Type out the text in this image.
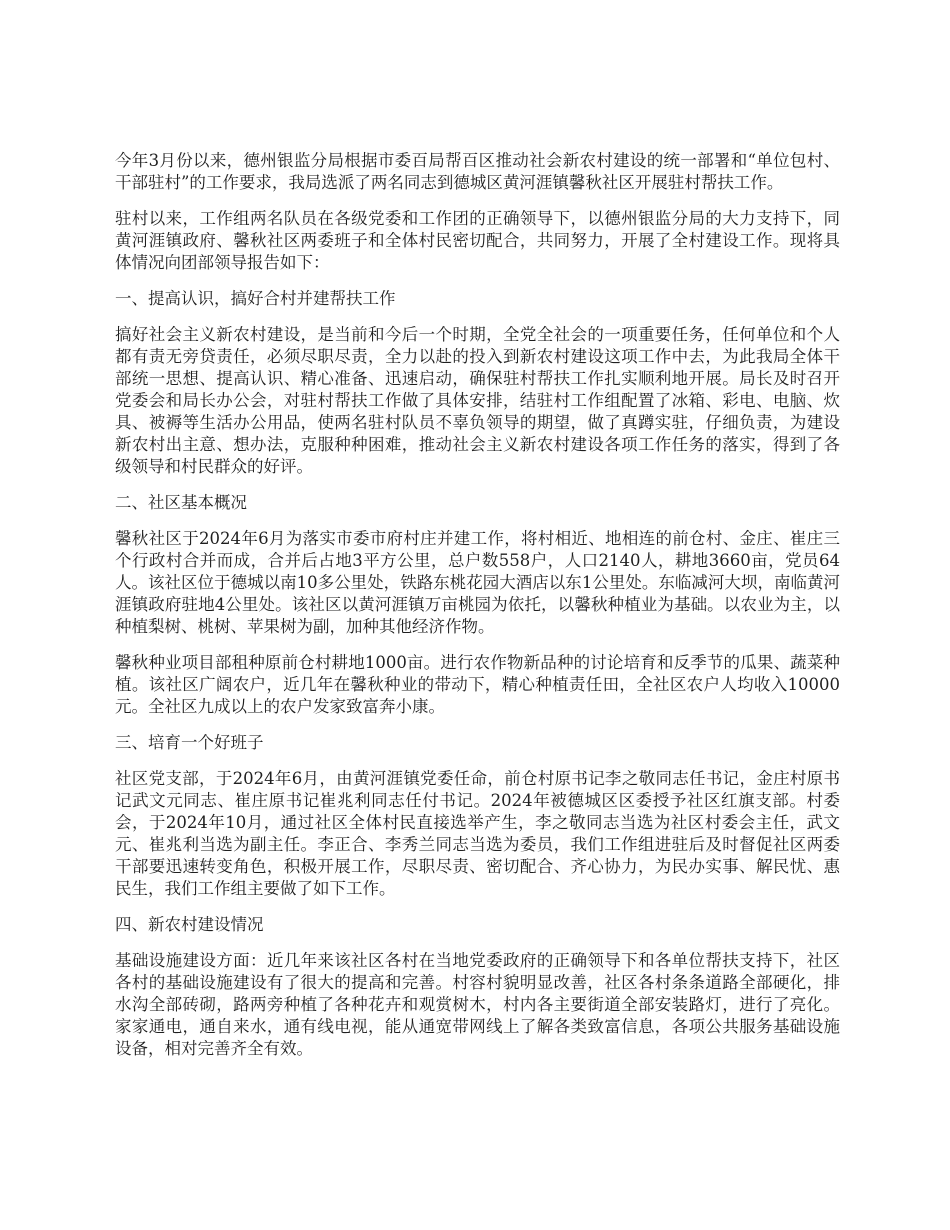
今年3月份以来，德州银监分局根据市委百局帮百区推动社会新农村建设的统一部署和“单位包村、干部驻村”的工作要求，我局选派了两名同志到德城区黄河涯镇馨秋社区开展驻村帮扶工作。

驻村以来，工作组两名队员在各级党委和工作团的正确领导下，以德州银监分局的大力支持下，同黄河涯镇政府、馨秋社区两委班子和全体村民密切配合，共同努力，开展了全村建设工作。现将具体情况向团部领导报告如下：

一、提高认识，搞好合村并建帮扶工作

搞好社会主义新农村建设，是当前和今后一个时期，全党全社会的一项重要任务，任何单位和个人都有责无旁贷责任，必须尽职尽责，全力以赴的投入到新农村建设这项工作中去，为此我局全体干部统一思想、提高认识、精心准备、迅速启动，确保驻村帮扶工作扎实顺利地开展。局长及时召开党委会和局长办公会，对驻村帮扶工作做了具体安排，结驻村工作组配置了冰箱、彩电、电脑、炊具、被褥等生活办公用品，使两名驻村队员不辜负领导的期望，做了真蹲实驻，仔细负责，为建设新农村出主意、想办法，克服种种困难，推动社会主义新农村建设各项工作任务的落实，得到了各级领导和村民群众的好评。

二、社区基本概况

馨秋社区于2024年6月为落实市委市府村庄并建工作，将村相近、地相连的前仓村、金庄、崔庄三个行政村合并而成，合并后占地3平方公里，总户数558户，人口2140人，耕地3660亩，党员64人。该社区位于德城以南10多公里处，铁路东桃花园大酒店以东1公里处。东临减河大坝，南临黄河涯镇政府驻地4公里处。该社区以黄河涯镇万亩桃园为依托，以馨秋种植业为基础。以农业为主，以种植梨树、桃树、苹果树为副，加种其他经济作物。

馨秋种业项目部租种原前仓村耕地1000亩。进行农作物新品种的讨论培育和反季节的瓜果、蔬菜种植。该社区广阔农户，近几年在馨秋种业的带动下，精心种植责任田，全社区农户人均收入10000元。全社区九成以上的农户发家致富奔小康。

三、培育一个好班子

社区党支部，于2024年6月，由黄河涯镇党委任命，前仓村原书记李之敬同志任书记，金庄村原书记武文元同志、崔庄原书记崔兆利同志任付书记。2024年被德城区区委授予社区红旗支部。村委会，于2024年10月，通过社区全体村民直接选举产生，李之敬同志当选为社区村委会主任，武文元、崔兆利当选为副主任。李正合、李秀兰同志当选为委员，我们工作组进驻后及时督促社区两委干部要迅速转变角色，积极开展工作，尽职尽责、密切配合、齐心协力，为民办实事、解民忧、惠民生，我们工作组主要做了如下工作。

四、新农村建设情况

基础设施建设方面：近几年来该社区各村在当地党委政府的正确领导下和各单位帮扶支持下，社区各村的基础设施建设有了很大的提高和完善。村容村貌明显改善，社区各村条条道路全部硬化，排水沟全部砖砌，路两旁种植了各种花卉和观赏树木，村内各主要街道全部安装路灯，进行了亮化。家家通电，通自来水，通有线电视，能从通宽带网线上了解各类致富信息，各项公共服务基础设施设备，相对完善齐全有效。
